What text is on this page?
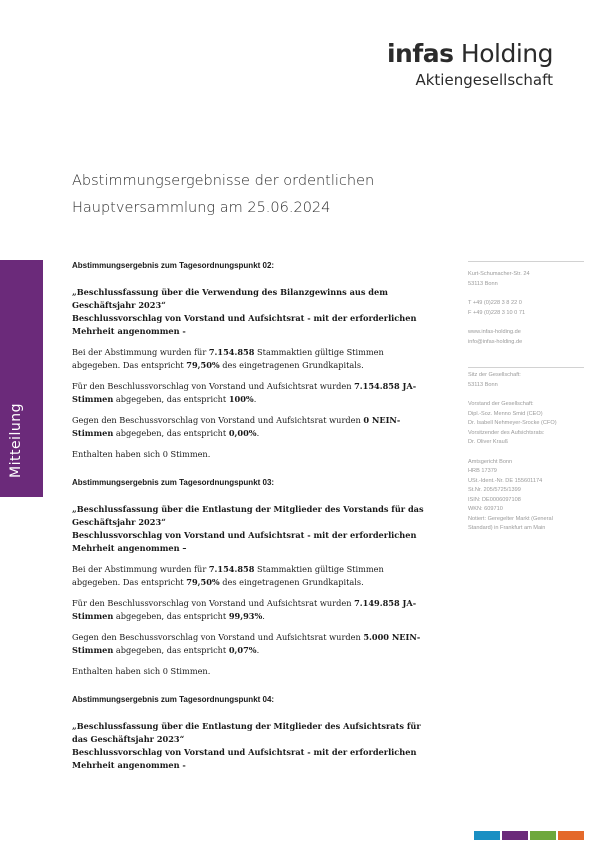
infas Holding
Aktiengesellschaft
Abstimmungsergebnisse der ordentlichen
Hauptversammlung am 25.06.2024
Mitteilung
Abstimmungsergebnis zum Tagesordnungspunkt 02:
„Beschlussfassung über die Verwendung des Bilanzgewinns aus dem Geschäftsjahr 2023“
Beschlussvorschlag von Vorstand und Aufsichtsrat - mit der erforderlichen Mehrheit angenommen -
Bei der Abstimmung wurden für 7.154.858 Stammaktien gültige Stimmen abgegeben. Das entspricht 79,50% des eingetragenen Grundkapitals.
Für den Beschlussvorschlag von Vorstand und Aufsichtsrat wurden 7.154.858 JA-Stimmen abgegeben, das entspricht 100%.
Gegen den Beschussvorschlag von Vorstand und Aufsichtsrat wurden 0 NEIN-Stimmen abgegeben, das entspricht 0,00%.
Enthalten haben sich 0 Stimmen.
Abstimmungsergebnis zum Tagesordnungspunkt 03:
„Beschlussfassung über die Entlastung der Mitglieder des Vorstands für das Geschäftsjahr 2023“
Beschlussvorschlag von Vorstand und Aufsichtsrat - mit der erforderlichen Mehrheit angenommen –
Bei der Abstimmung wurden für 7.154.858 Stammaktien gültige Stimmen abgegeben. Das entspricht 79,50% des eingetragenen Grundkapitals.
Für den Beschlussvorschlag von Vorstand und Aufsichtsrat wurden 7.149.858 JA-Stimmen abgegeben, das entspricht 99,93%.
Gegen den Beschussvorschlag von Vorstand und Aufsichtsrat wurden 5.000 NEIN-Stimmen abgegeben, das entspricht 0,07%.
Enthalten haben sich 0 Stimmen.
Abstimmungsergebnis zum Tagesordnungspunkt 04:
„Beschlussfassung über die Entlastung der Mitglieder des Aufsichtsrats für das Geschäftsjahr 2023“
Beschlussvorschlag von Vorstand und Aufsichtsrat - mit der erforderlichen Mehrheit angenommen -
Kurt-Schumacher-Str. 24
53113 Bonn
T +49 (0)228 3 8 22 0
F +49 (0)228 3 10 0 71
www.infas-holding.de
info@infas-holding.de
Sitz der Gesellschaft:
53113 Bonn
Vorstand der Gesellschaft:
Dipl.-Soz. Menno Smid (CEO)
Dr. Isabell Nehmeyer-Srocke (CFO)
Vorsitzender des Aufsichtsrats:
Dr. Oliver Krauß
Amtsgericht Bonn
HRB 17379
USt.-Ident.-Nr. DE 155601174
St.Nr. 205/5725/1399
ISIN: DE0006097108
WKN: 609710
Notiert: Geregelter Markt (General
Standard) in Frankfurt am Main
